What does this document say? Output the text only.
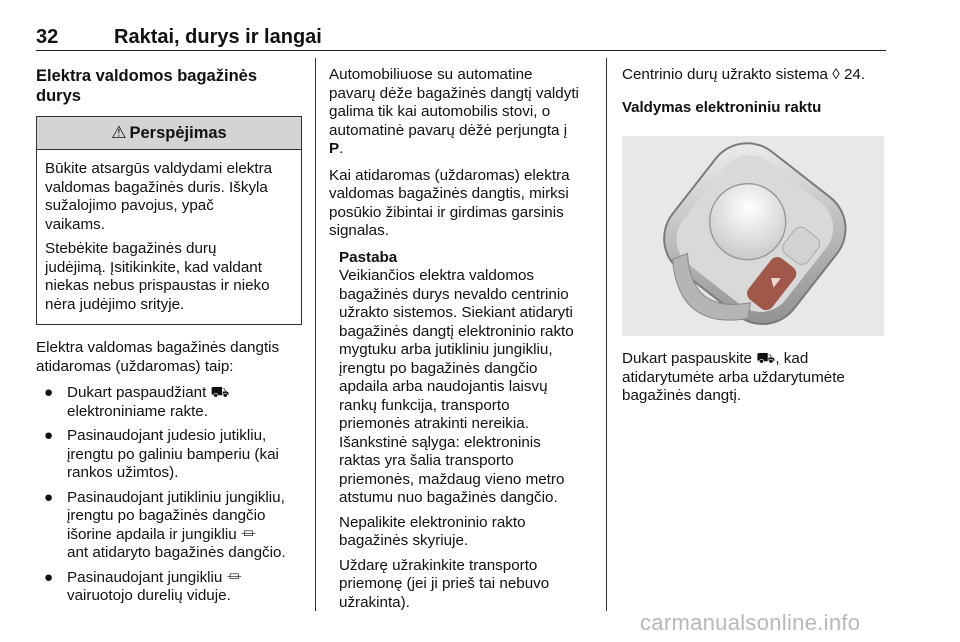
32	Raktai, durys ir langai
Elektra valdomos bagažinės
durys
⚠ Perspėjimas

Būkite atsargūs valdydami elektra
valdomas bagažinės duris. Iškyla
sužalojimo pavojus, ypač
vaikams.

Stebėkite bagažinės durų
judėjimą. Įsitikinkite, kad valdant
niekas nebus prispaustas ir nieko
nėra judėjimo srityje.

Elektra valdomas bagažinės dangtis
atidaromas (uždaromas) taip:

● Dukart paspaudžiant ⛟
elektroniniame rakte.
● Pasinaudojant judesio jutikliu,
įrengtu po galiniu bamperiu (kai
rankos užimtos).
● Pasinaudojant jutikliniu jungikliu,
įrengtu po bagažinės dangčio
išorine apdaila ir jungikliu ⏛
ant atidaryto bagažinės dangčio.
● Pasinaudojant jungikliu ⏛
vairuotojo durelių viduje.

Automobiliuose su automatine
pavarų dėže bagažinės dangtį valdyti
galima tik kai automobilis stovi, o
automatinė pavarų dėžė perjungta į
P.

Kai atidaromas (uždaromas) elektra
valdomas bagažinės dangtis, mirksi
posūkio žibintai ir girdimas garsinis
signalas.

Pastaba
Veikiančios elektra valdomos
bagažinės durys nevaldo centrinio
užrakto sistemos. Siekiant atidaryti
bagažinės dangtį elektroninio rakto
mygtuku arba jutikliniu jungikliu,
įrengtu po bagažinės dangčio
apdaila arba naudojantis laisvų
rankų funkcija, transporto
priemonės atrakinti nereikia.
Išankstinė sąlyga: elektroninis
raktas yra šalia transporto
priemonės, maždaug vieno metro
atstumu nuo bagažinės dangčio.

Nepalikite elektroninio rakto
bagažinės skyriuje.

Uždarę užrakinkite transporto
priemonę (jei ji prieš tai nebuvo
užrakinta).

Centrinio durų užrakto sistema ◊ 24.

Valdymas elektroniniu raktu

Dukart paspauskite ⛟, kad
atidarytumėte arba uždarytumėte
bagažinės dangtį.

carmanualsonline.info
